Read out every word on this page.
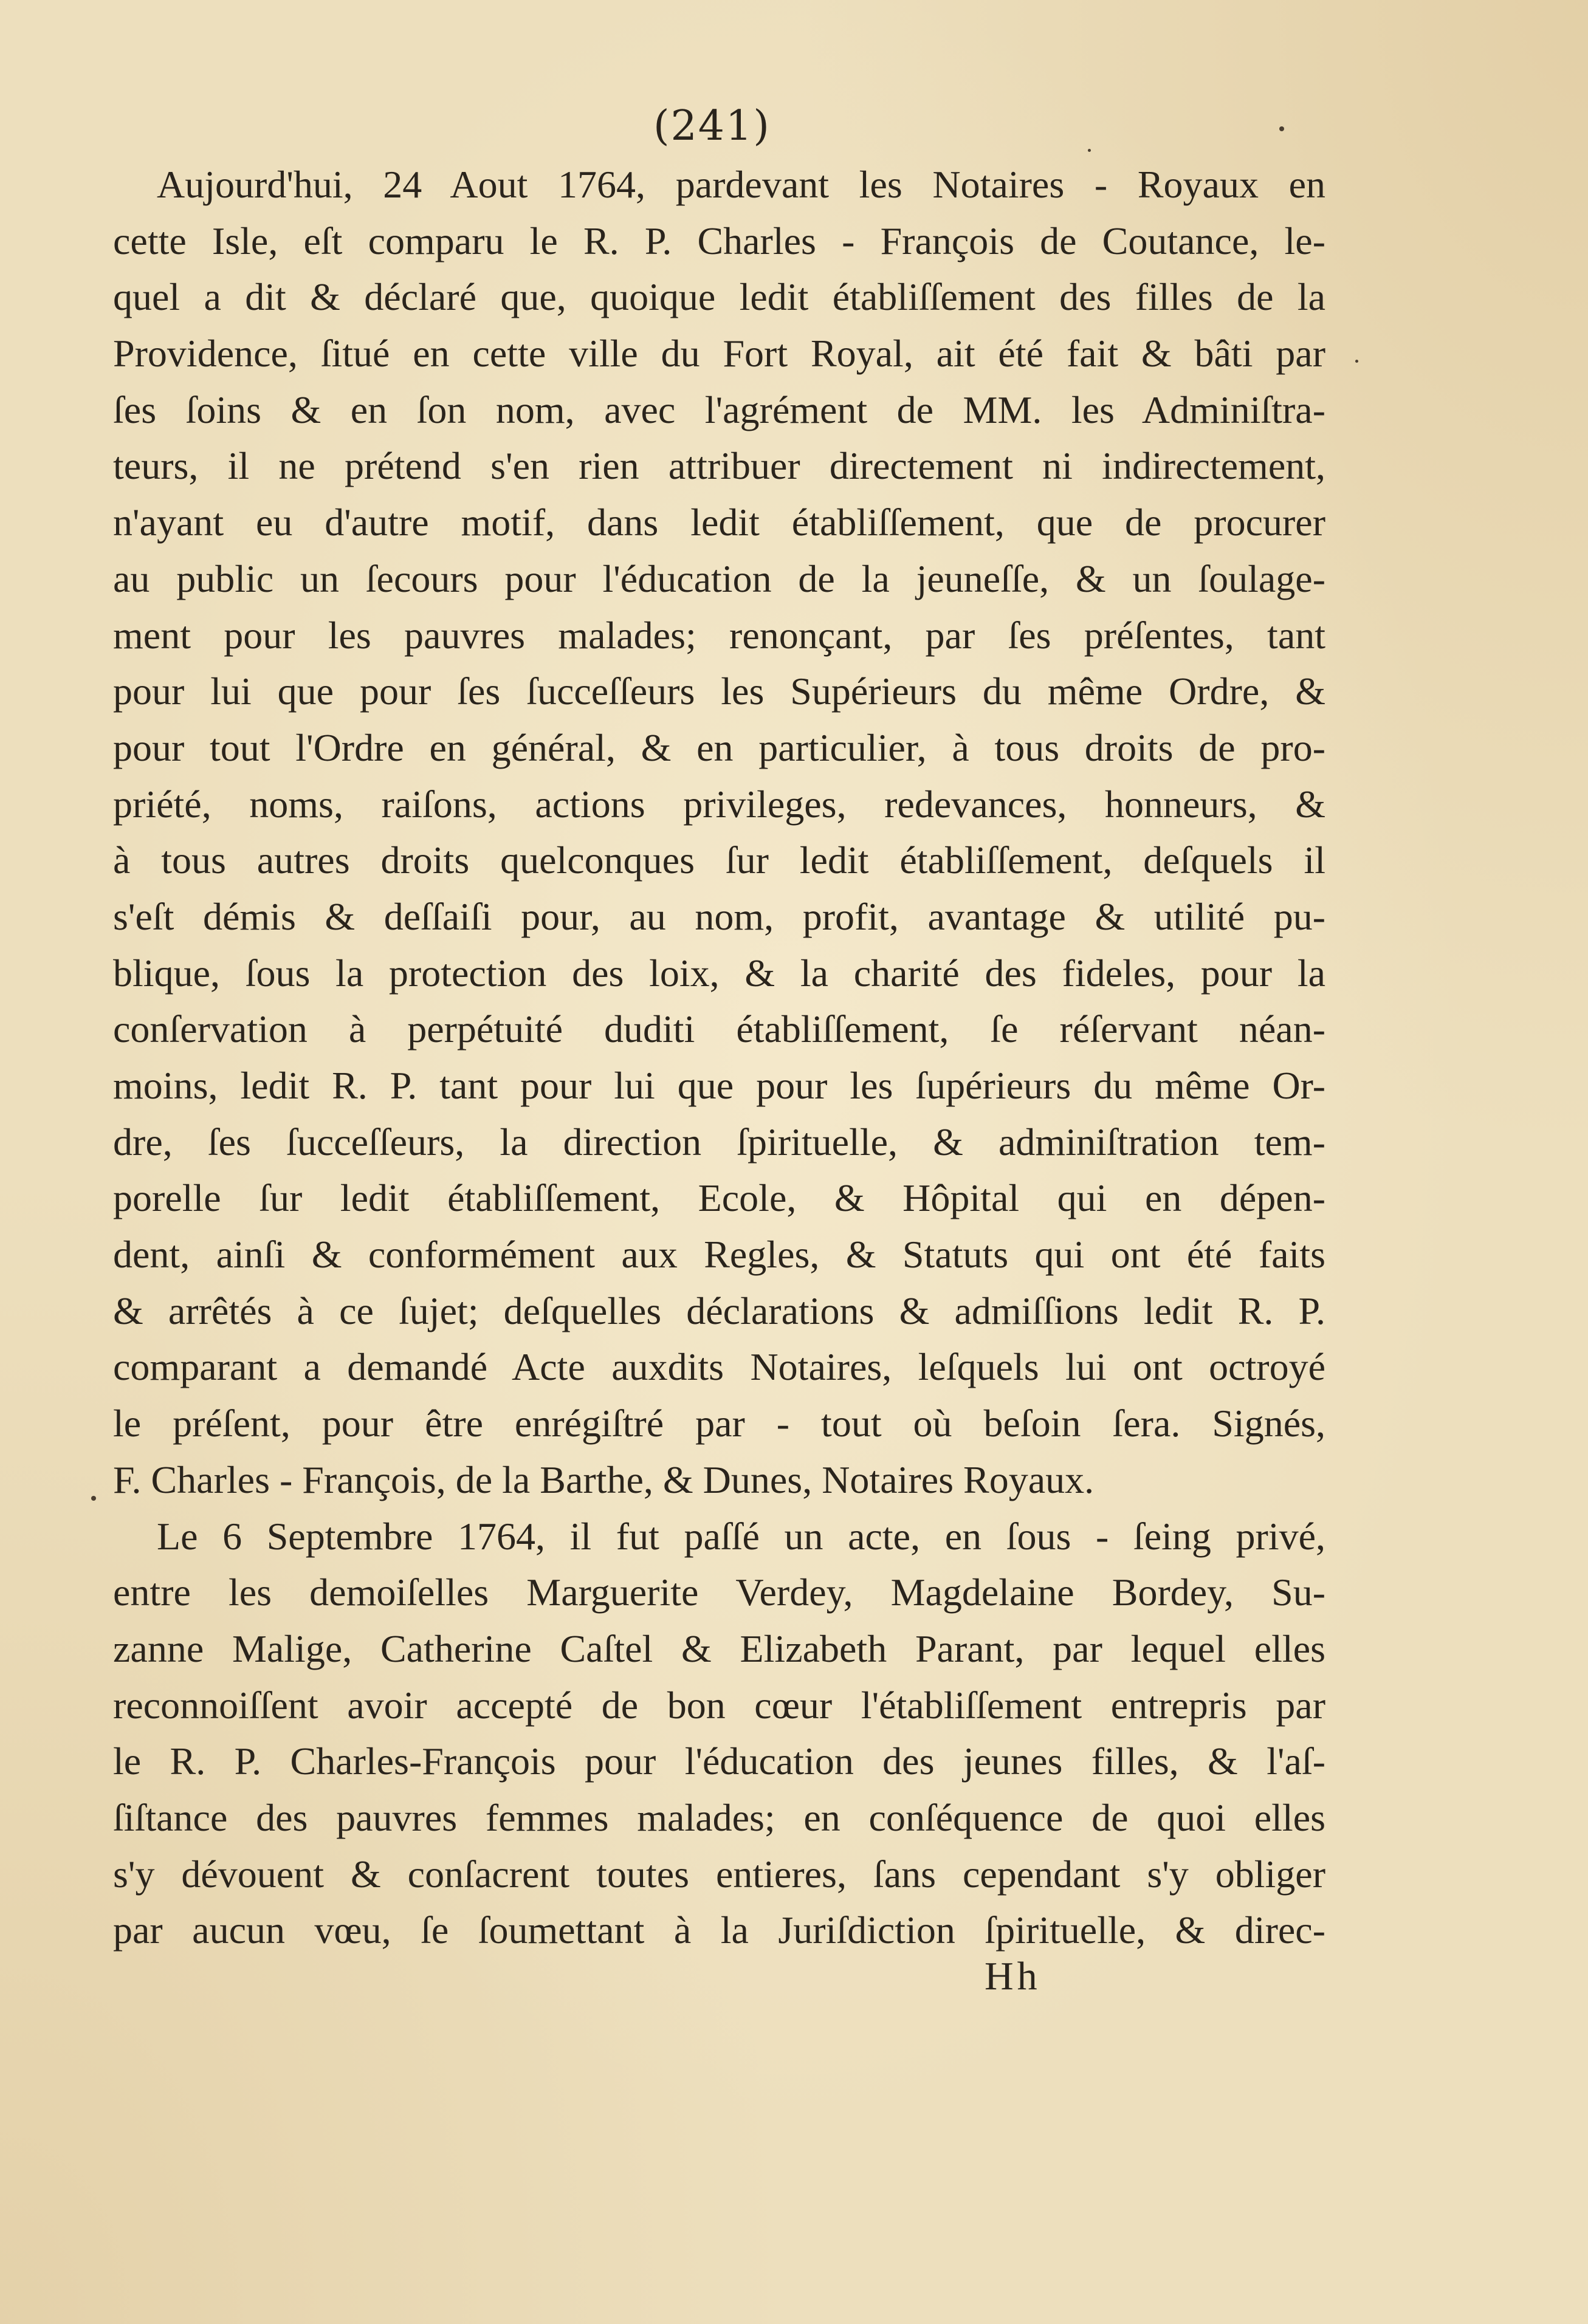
(241)
Aujourd'hui, 24 Aout 1764, pardevant les Notaires - Royaux en
cette Isle, eſt comparu le R. P. Charles - François de Coutance, le-
quel a dit & déclaré que, quoique ledit établiſſement des filles de la
Providence, ſitué en cette ville du Fort Royal, ait été fait & bâti par
ſes ſoins & en ſon nom, avec l'agrément de MM. les Adminiſtra-
teurs, il ne prétend s'en rien attribuer directement ni indirectement,
n'ayant eu d'autre motif, dans ledit établiſſement, que de procurer
au public un ſecours pour l'éducation de la jeuneſſe, & un ſoulage-
ment pour les pauvres malades; renonçant, par ſes préſentes, tant
pour lui que pour ſes ſucceſſeurs les Supérieurs du même Ordre, &
pour tout l'Ordre en général, & en particulier, à tous droits de pro-
priété, noms, raiſons, actions privileges, redevances, honneurs, &
à tous autres droits quelconques ſur ledit établiſſement, deſquels il
s'eſt démis & deſſaiſi pour, au nom, profit, avantage & utilité pu-
blique, ſous la protection des loix, & la charité des fideles, pour la
conſervation à perpétuité duditi établiſſement, ſe réſervant néan-
moins, ledit R. P. tant pour lui que pour les ſupérieurs du même Or-
dre, ſes ſucceſſeurs, la direction ſpirituelle, & adminiſtration tem-
porelle ſur ledit établiſſement, Ecole, & Hôpital qui en dépen-
dent, ainſi & conformément aux Regles, & Statuts qui ont été faits
& arrêtés à ce ſujet; deſquelles déclarations & admiſſions ledit R. P.
comparant a demandé Acte auxdits Notaires, leſquels lui ont octroyé
le préſent, pour être enrégiſtré par - tout où beſoin ſera. Signés,
F. Charles - François, de la Barthe, & Dunes, Notaires Royaux.
Le 6 Septembre 1764, il fut paſſé un acte, en ſous - ſeing privé,
entre les demoiſelles Marguerite Verdey, Magdelaine Bordey, Su-
zanne Malige, Catherine Caſtel & Elizabeth Parant, par lequel elles
reconnoiſſent avoir accepté de bon cœur l'établiſſement entrepris par
le R. P. Charles-François pour l'éducation des jeunes filles, & l'aſ-
ſiſtance des pauvres femmes malades; en conſéquence de quoi elles
s'y dévouent & conſacrent toutes entieres, ſans cependant s'y obliger
par aucun vœu, ſe ſoumettant à la Juriſdiction ſpirituelle, & direc-
Hh
